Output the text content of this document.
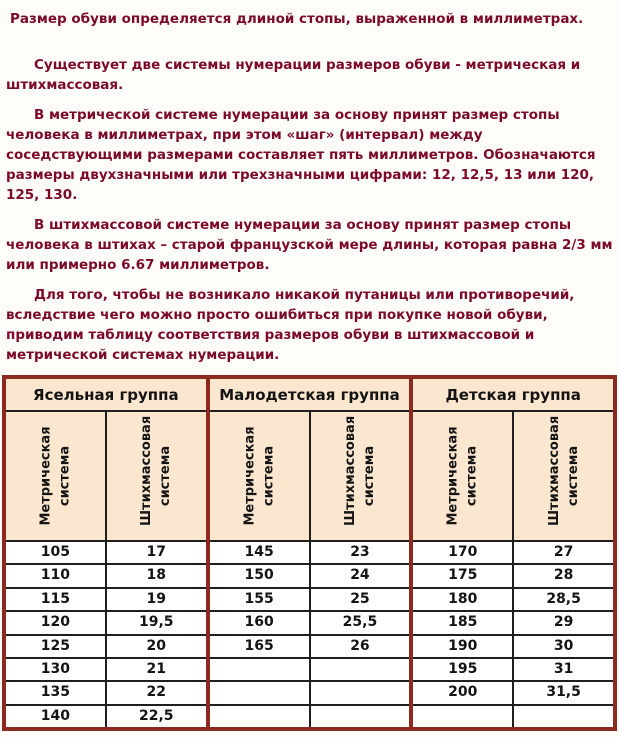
Размер обуви определяется длиной стопы, выраженной в миллиметрах.

Существует две системы нумерации размеров обуви - метрическая и штихмассовая.

В метрической системе нумерации за основу принят размер стопы человека в миллиметрах, при этом «шаг» (интервал) между соседствующими размерами составляет пять миллиметров. Обозначаются размеры двухзначными или трехзначными цифрами: 12, 12,5, 13 или 120, 125, 130.

В штихмассовой системе нумерации за основу принят размер стопы человека в штихах – старой французской мере длины, которая равна 2/3 мм или примерно 6.67 миллиметров.

Для того, чтобы не возникало никакой путаницы или противоречий, вследствие чего можно просто ошибиться при покупке новой обуви, приводим таблицу соответствия размеров обуви в штихмассовой и метрической системах нумерации.

Ясельная группа
Метрическая система	Штихмассовая система
105	17
110	18
115	19
120	19,5
125	20
130	21
135	22
140	22,5
Малодетская группа
Метрическая система	Штихмассовая система
145	23
150	24
155	25
160	25,5
165	26
Детская группа
Метрическая система	Штихмассовая система
170	27
175	28
180	28,5
185	29
190	30
195	31
200	31,5
